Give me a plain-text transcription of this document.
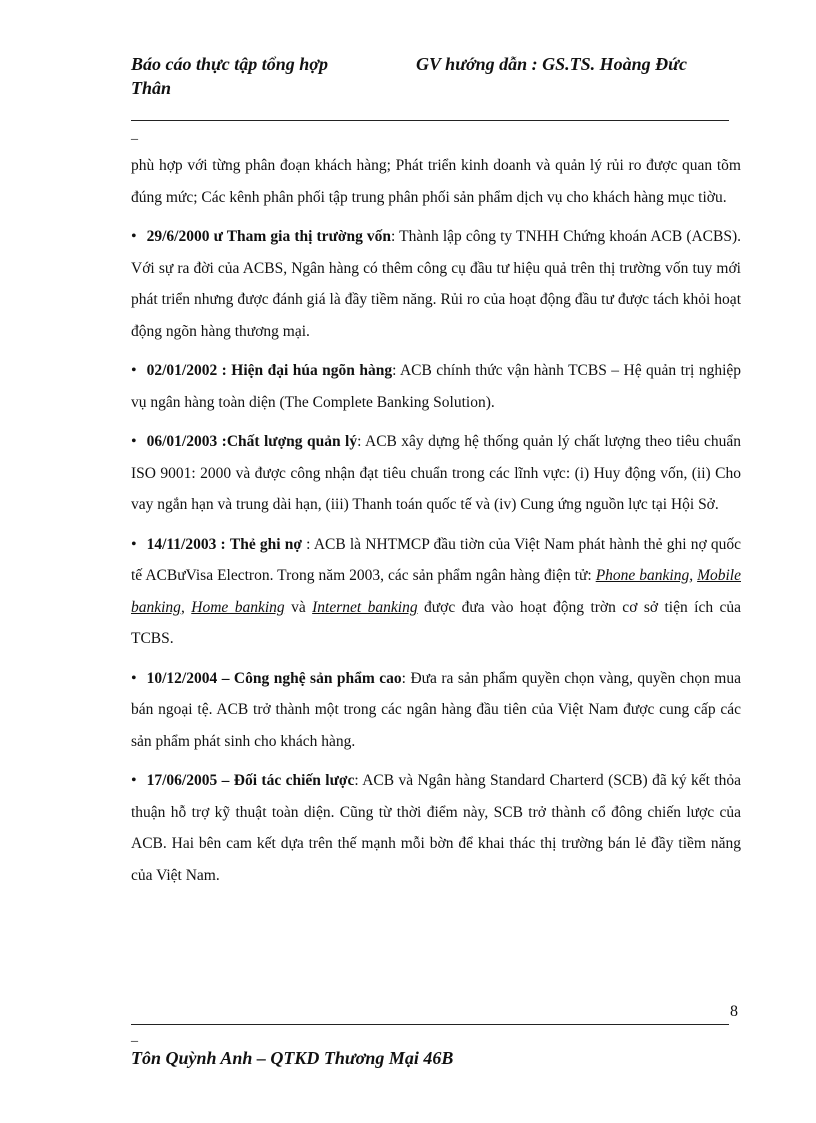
Báo cáo thực tập tổng hợp	GV hướng dẫn : GS.TS. Hoàng Đức
Thân
_

phù hợp với từng phân đoạn khách hàng; Phát triển kinh doanh và quản lý rủi ro được quan tõm đúng mức; Các kênh phân phối tập trung phân phối sản phẩm dịch vụ cho khách hàng mục tiờu.

• 29/6/2000 ư Tham gia thị trường vốn: Thành lập công ty TNHH Chứng khoán ACB (ACBS). Với sự ra đời của ACBS, Ngân hàng có thêm công cụ đầu tư hiệu quả trên thị trường vốn tuy mới phát triển nhưng được đánh giá là đầy tiềm năng. Rủi ro của hoạt động đầu tư được tách khỏi hoạt động ngõn hàng thương mại.

• 02/01/2002 : Hiện đại húa ngõn hàng: ACB chính thức vận hành TCBS – Hệ quản trị nghiệp vụ ngân hàng toàn diện (The Complete Banking Solution).

• 06/01/2003 :Chất lượng quản lý: ACB xây dựng hệ thống quản lý chất lượng theo tiêu chuẩn ISO 9001: 2000 và được công nhận đạt tiêu chuẩn trong các lĩnh vực: (i) Huy động vốn, (ii) Cho vay ngắn hạn và trung dài hạn, (iii) Thanh toán quốc tế và (iv) Cung ứng nguồn lực tại Hội Sở.

• 14/11/2003 : Thẻ ghi nợ : ACB là NHTMCP đầu tiờn của Việt Nam phát hành thẻ ghi nợ quốc tế ACBưVisa Electron. Trong năm 2003, các sản phẩm ngân hàng điện tử: Phone banking, Mobile banking, Home banking và Internet banking được đưa vào hoạt động trờn cơ sở tiện ích của TCBS.

• 10/12/2004 – Công nghệ sản phẩm cao: Đưa ra sản phẩm quyền chọn vàng, quyền chọn mua bán ngoại tệ. ACB trở thành một trong các ngân hàng đầu tiên của Việt Nam được cung cấp các sản phẩm phát sinh cho khách hàng.

• 17/06/2005 – Đối tác chiến lược: ACB và Ngân hàng Standard Charterd (SCB) đã ký kết thỏa thuận hỗ trợ kỹ thuật toàn diện. Cũng từ thời điểm này, SCB trở thành cổ đông chiến lược của ACB. Hai bên cam kết dựa trên thế mạnh mỗi bờn để khai thác thị trường bán lẻ đầy tiềm năng của Việt Nam.

8
_
Tôn Quỳnh Anh – QTKD Thương Mại 46B
